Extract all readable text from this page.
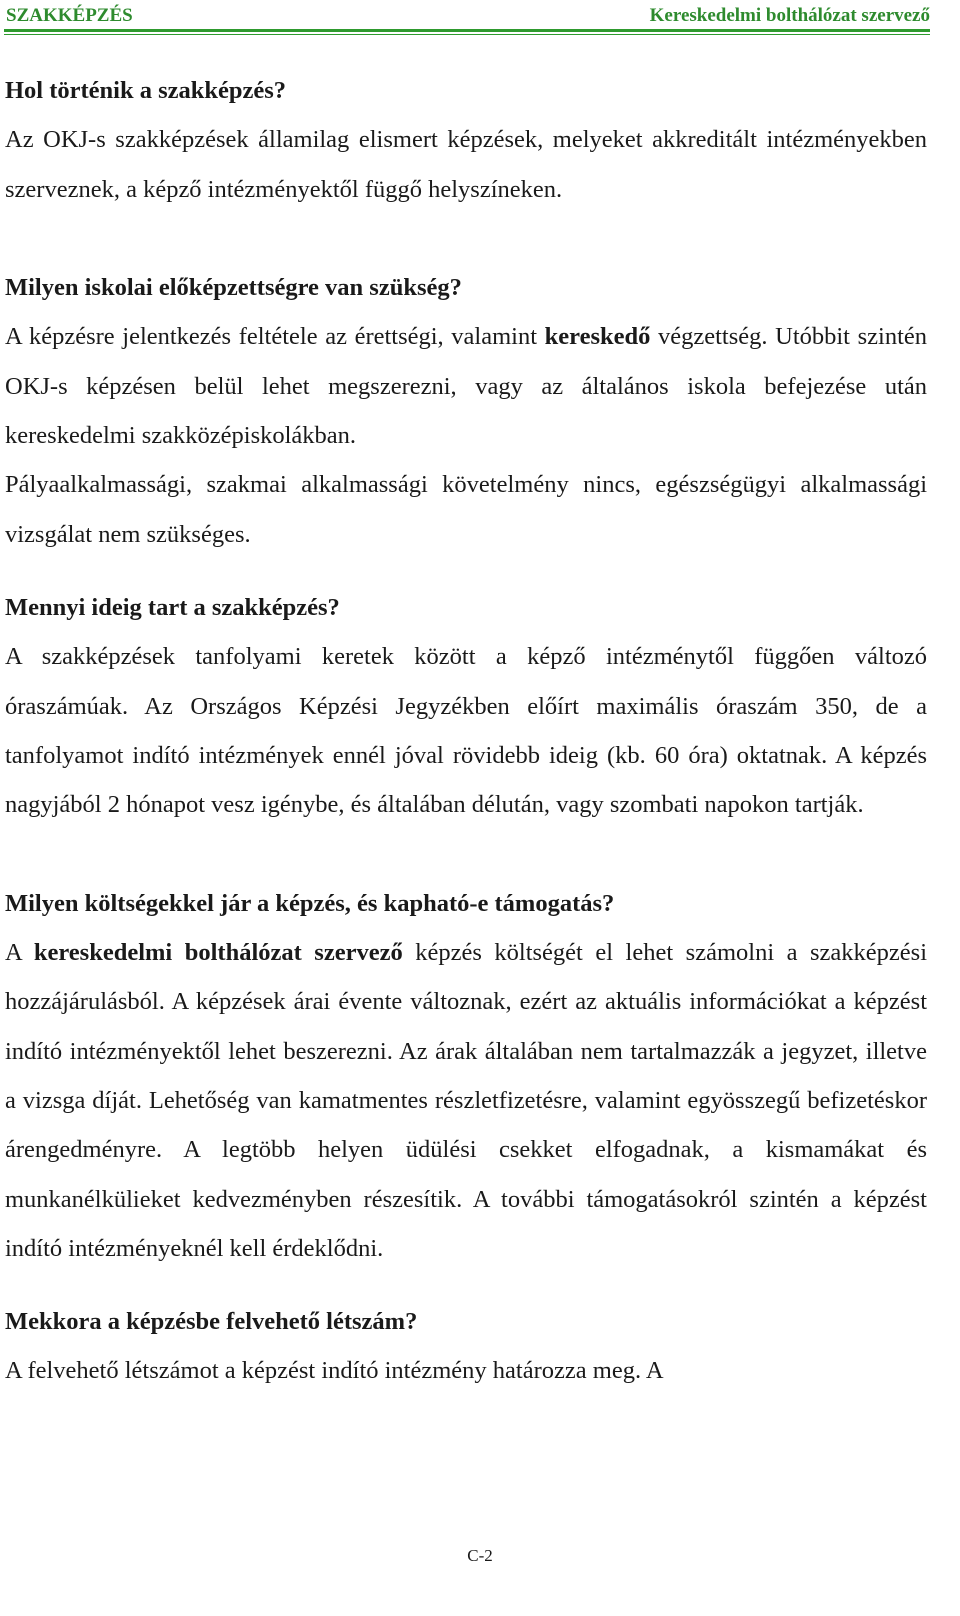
SZAKKÉPZÉS	Kereskedelmi bolthálózat szervező
Hol történik a szakképzés?

Az OKJ-s szakképzések államilag elismert képzések, melyeket akkreditált intézményekben szerveznek, a képző intézményektől függő helyszíneken.

Milyen iskolai előképzettségre van szükség?

A képzésre jelentkezés feltétele az érettségi, valamint kereskedő végzettség. Utóbbit szintén OKJ-s képzésen belül lehet megszerezni, vagy az általános iskola befejezése után kereskedelmi szakközépiskolákban.

Pályaalkalmassági, szakmai alkalmassági követelmény nincs, egészségügyi alkalmassági vizsgálat nem szükséges.

Mennyi ideig tart a szakképzés?

A szakképzések tanfolyami keretek között a képző intézménytől függően változó óraszámúak. Az Országos Képzési Jegyzékben előírt maximális óraszám 350, de a tanfolyamot indító intézmények ennél jóval rövidebb ideig (kb. 60 óra) oktatnak. A képzés nagyjából 2 hónapot vesz igénybe, és általában délután, vagy szombati napokon tartják.

Milyen költségekkel jár a képzés, és kapható-e támogatás?

A kereskedelmi bolthálózat szervező képzés költségét el lehet számolni a szakképzési hozzájárulásból. A képzések árai évente változnak, ezért az aktuális információkat a képzést indító intézményektől lehet beszerezni. Az árak általában nem tartalmazzák a jegyzet, illetve a vizsga díját. Lehetőség van kamatmentes részletfizetésre, valamint egyösszegű befizetéskor árengedményre. A legtöbb helyen üdülési csekket elfogadnak, a kismamákat és munkanélkülieket kedvezményben részesítik. A további támogatásokról szintén a képzést indító intézményeknél kell érdeklődni.

Mekkora a képzésbe felvehető létszám?

A felvehető létszámot a képzést indító intézmény határozza meg. A

C-2
